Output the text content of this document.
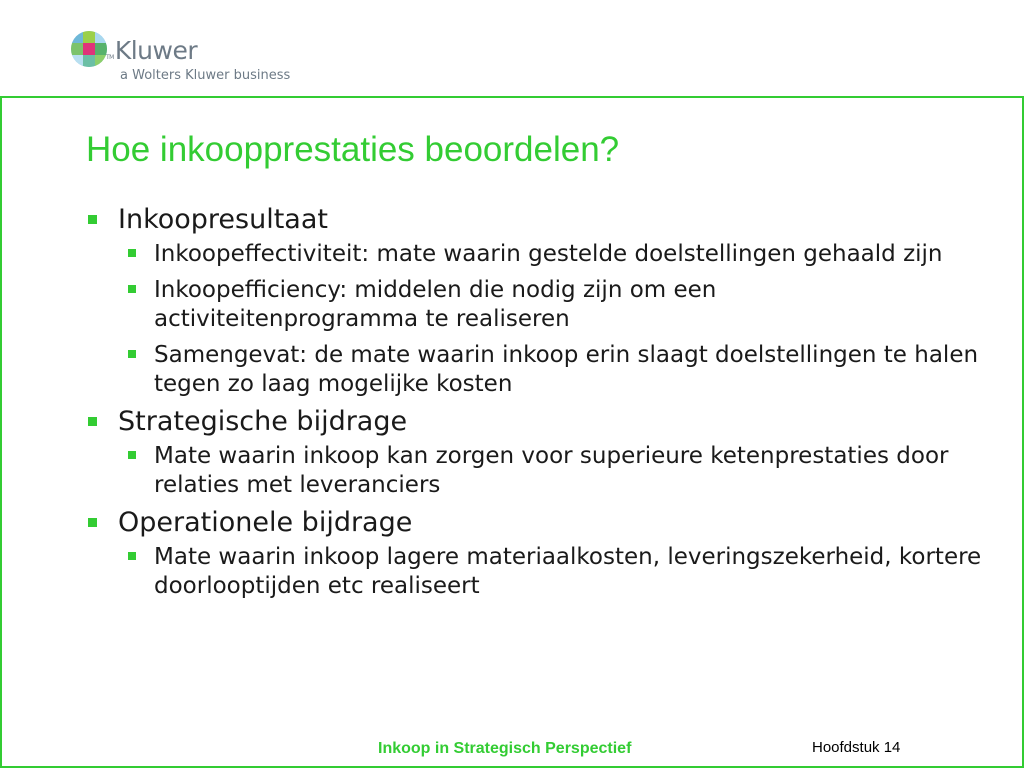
TMKluwer
a Wolters Kluwer business
Hoe inkoopprestaties beoordelen?
Inkoopresultaat
Inkoopeffectiviteit: mate waarin gestelde doelstellingen gehaald zijn
Inkoopefficiency: middelen die nodig zijn om een activiteitenprogramma te realiseren
Samengevat: de mate waarin inkoop erin slaagt doelstellingen te halen tegen zo laag mogelijke kosten
Strategische bijdrage
Mate waarin inkoop kan zorgen voor superieure ketenprestaties door relaties met leveranciers
Operationele bijdrage
Mate waarin inkoop lagere materiaalkosten, leveringszekerheid, kortere doorlooptijden etc realiseert
Inkoop in Strategisch Perspectief	Hoofdstuk 14
